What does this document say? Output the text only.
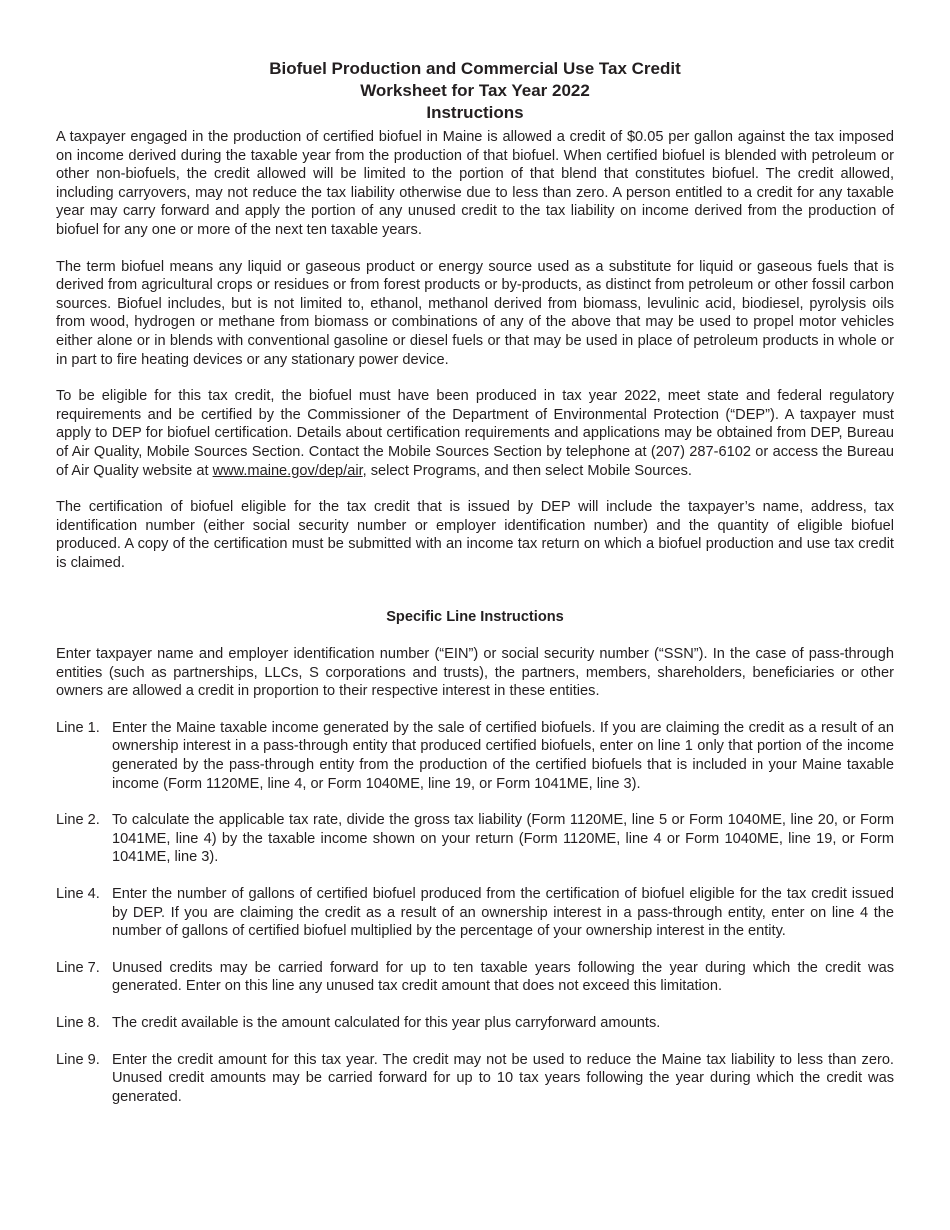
Biofuel Production and Commercial Use Tax Credit
Worksheet for Tax Year 2022
Instructions

A taxpayer engaged in the production of certified biofuel in Maine is allowed a credit of $0.05 per gallon against the tax imposed on income derived during the taxable year from the production of that biofuel. When certified biofuel is blended with petroleum or other non-biofuels, the credit allowed will be limited to the portion of that blend that constitutes biofuel. The credit allowed, including carryovers, may not reduce the tax liability otherwise due to less than zero. A person entitled to a credit for any taxable year may carry forward and apply the portion of any unused credit to the tax liability on income derived from the production of biofuel for any one or more of the next ten taxable years.

The term biofuel means any liquid or gaseous product or energy source used as a substitute for liquid or gaseous fuels that is derived from agricultural crops or residues or from forest products or by-products, as distinct from petroleum or other fossil carbon sources. Biofuel includes, but is not limited to, ethanol, methanol derived from biomass, levulinic acid, biodiesel, pyrolysis oils from wood, hydrogen or methane from biomass or combinations of any of the above that may be used to propel motor vehicles either alone or in blends with conventional gasoline or diesel fuels or that may be used in place of petroleum products in whole or in part to fire heating devices or any stationary power device.

To be eligible for this tax credit, the biofuel must have been produced in tax year 2022, meet state and federal regulatory requirements and be certified by the Commissioner of the Department of Environmental Protection (“DEP”). A taxpayer must apply to DEP for biofuel certification. Details about certification requirements and applications may be obtained from DEP, Bureau of Air Quality, Mobile Sources Section. Contact the Mobile Sources Section by telephone at (207) 287-6102 or access the Bureau of Air Quality website at www.maine.gov/dep/air, select Programs, and then select Mobile Sources.

The certification of biofuel eligible for the tax credit that is issued by DEP will include the taxpayer’s name, address, tax identification number (either social security number or employer identification number) and the quantity of eligible biofuel produced. A copy of the certification must be submitted with an income tax return on which a biofuel production and use tax credit is claimed.

Specific Line Instructions

Enter taxpayer name and employer identification number (“EIN”) or social security number (“SSN”). In the case of pass-through entities (such as partnerships, LLCs, S corporations and trusts), the partners, members, shareholders, beneficiaries or other owners are allowed a credit in proportion to their respective interest in these entities.

Line 1. Enter the Maine taxable income generated by the sale of certified biofuels. If you are claiming the credit as a result of an ownership interest in a pass-through entity that produced certified biofuels, enter on line 1 only that portion of the income generated by the pass-through entity from the production of the certified biofuels that is included in your Maine taxable income (Form 1120ME, line 4, or Form 1040ME, line 19, or Form 1041ME, line 3).
Line 2. To calculate the applicable tax rate, divide the gross tax liability (Form 1120ME, line 5 or Form 1040ME, line 20, or Form 1041ME, line 4) by the taxable income shown on your return (Form 1120ME, line 4 or Form 1040ME, line 19, or Form 1041ME, line 3).
Line 4. Enter the number of gallons of certified biofuel produced from the certification of biofuel eligible for the tax credit issued by DEP. If you are claiming the credit as a result of an ownership interest in a pass-through entity, enter on line 4 the number of gallons of certified biofuel multiplied by the percentage of your ownership interest in the entity.
Line 7. Unused credits may be carried forward for up to ten taxable years following the year during which the credit was generated. Enter on this line any unused tax credit amount that does not exceed this limitation.
Line 8. The credit available is the amount calculated for this year plus carryforward amounts.
Line 9. Enter the credit amount for this tax year. The credit may not be used to reduce the Maine tax liability to less than zero. Unused credit amounts may be carried forward for up to 10 tax years following the year during which the credit was generated.
